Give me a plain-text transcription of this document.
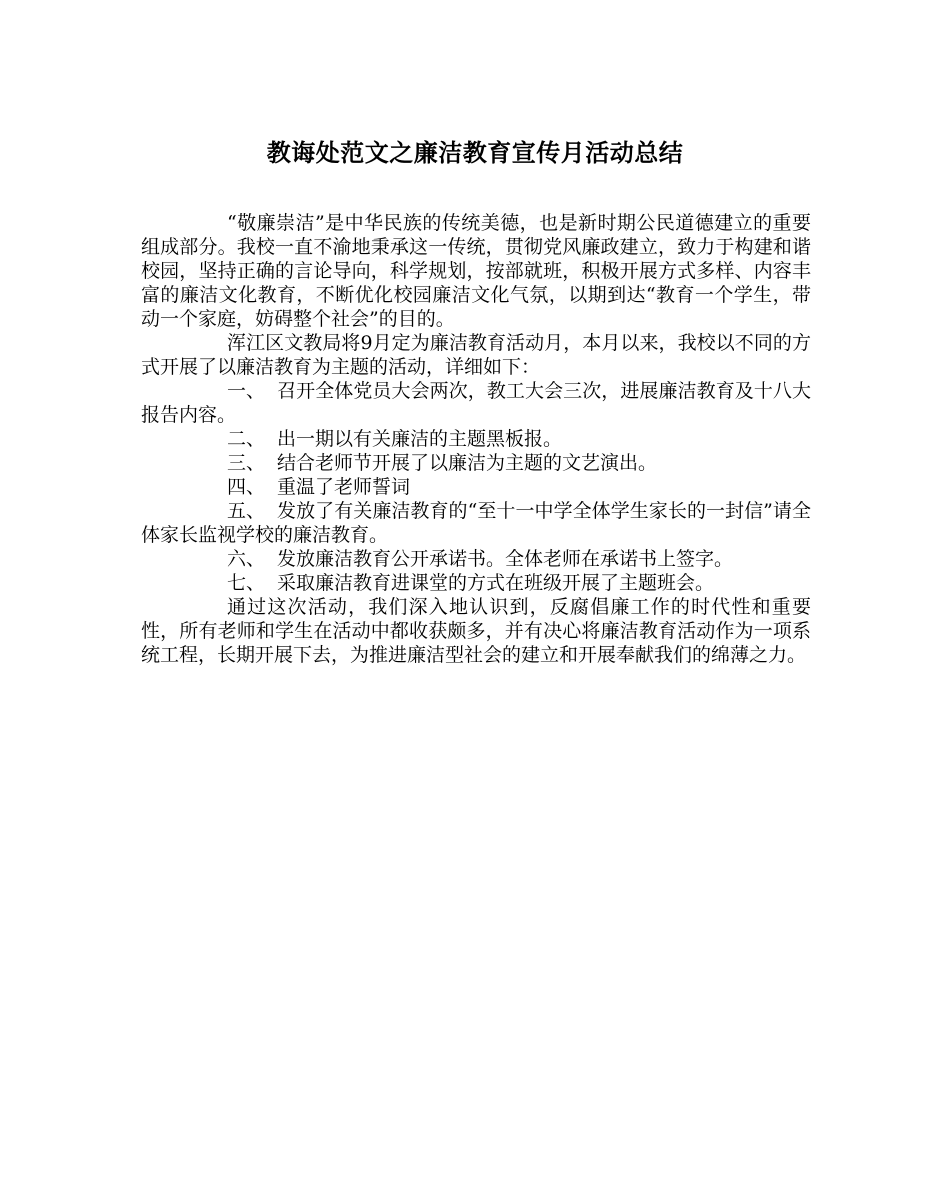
教诲处范文之廉洁教育宣传月活动总结

“敬廉崇洁”是中华民族的传统美德，也是新时期公民道德建立的重要组成部分。我校一直不渝地秉承这一传统，贯彻党风廉政建立，致力于构建和谐校园，坚持正确的言论导向，科学规划，按部就班，积极开展方式多样、内容丰富的廉洁文化教育，不断优化校园廉洁文化气氛，以期到达“教育一个学生，带动一个家庭，妨碍整个社会”的目的。

浑江区文教局将9月定为廉洁教育活动月，本月以来，我校以不同的方式开展了以廉洁教育为主题的活动，详细如下：

一、 召开全体党员大会两次，教工大会三次，进展廉洁教育及十八大 报告内容。

二、 出一期以有关廉洁的主题黑板报。

三、 结合老师节开展了以廉洁为主题的文艺演出。

四、 重温了老师誓词

五、 发放了有关廉洁教育的“至十一中学全体学生家长的一封信”请全体家长监视学校的廉洁教育。

六、 发放廉洁教育公开承诺书。全体老师在承诺书上签字。

七、 采取廉洁教育进课堂的方式在班级开展了主题班会。

通过这次活动，我们深入地认识到，反腐倡廉工作的时代性和重要性，所有老师和学生在活动中都收获颇多，并有决心将廉洁教育活动作为一项系统工程，长期开展下去，为推进廉洁型社会的建立和开展奉献我们的绵薄之力。
